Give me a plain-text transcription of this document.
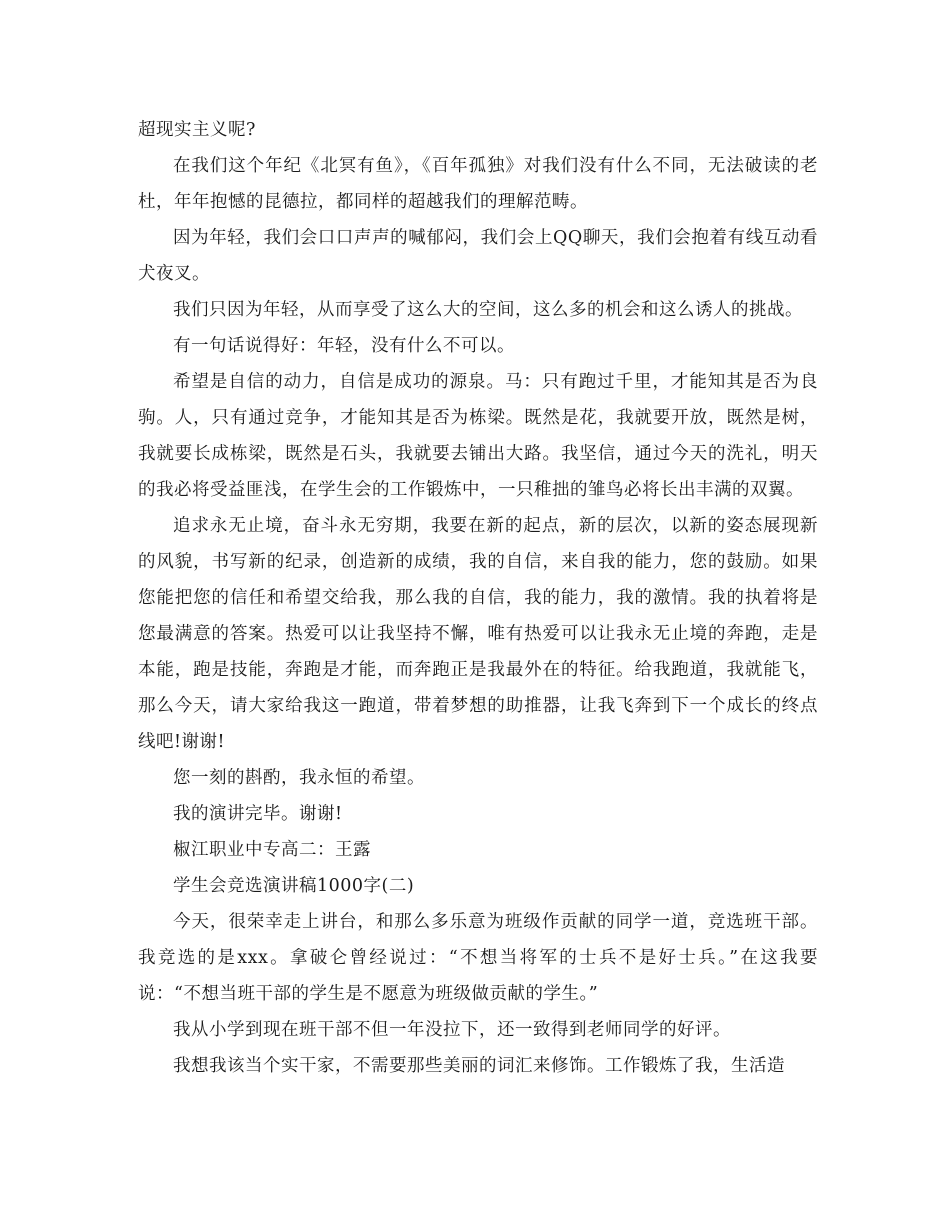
超现实主义呢?

在我们这个年纪《北冥有鱼》，《百年孤独》对我们没有什么不同，无法破读的老杜，年年抱憾的昆德拉，都同样的超越我们的理解范畴。

因为年轻，我们会口口声声的喊郁闷，我们会上QQ聊天，我们会抱着有线互动看犬夜叉。

我们只因为年轻，从而享受了这么大的空间，这么多的机会和这么诱人的挑战。

有一句话说得好：年轻，没有什么不可以。

希望是自信的动力，自信是成功的源泉。马：只有跑过千里，才能知其是否为良驹。人，只有通过竞争，才能知其是否为栋梁。既然是花，我就要开放，既然是树，我就要长成栋梁，既然是石头，我就要去铺出大路。我坚信，通过今天的洗礼，明天的我必将受益匪浅，在学生会的工作锻炼中，一只稚拙的雏鸟必将长出丰满的双翼。

追求永无止境，奋斗永无穷期，我要在新的起点，新的层次，以新的姿态展现新的风貌，书写新的纪录，创造新的成绩，我的自信，来自我的能力，您的鼓励。如果您能把您的信任和希望交给我，那么我的自信，我的能力，我的激情。我的执着将是您最满意的答案。热爱可以让我坚持不懈，唯有热爱可以让我永无止境的奔跑，走是本能，跑是技能，奔跑是才能，而奔跑正是我最外在的特征。给我跑道，我就能飞，那么今天，请大家给我这一跑道，带着梦想的助推器，让我飞奔到下一个成长的终点线吧!谢谢!

您一刻的斟酌，我永恒的希望。

我的演讲完毕。谢谢!

椒江职业中专高二：王露

学生会竞选演讲稿1000字(二)

今天，很荣幸走上讲台，和那么多乐意为班级作贡献的同学一道，竞选班干部。我竞选的是xxx。拿破仑曾经说过：“不想当将军的士兵不是好士兵。”在这我要说：“不想当班干部的学生是不愿意为班级做贡献的学生。”

我从小学到现在班干部不但一年没拉下，还一致得到老师同学的好评。

我想我该当个实干家，不需要那些美丽的词汇来修饰。工作锻炼了我，生活造
